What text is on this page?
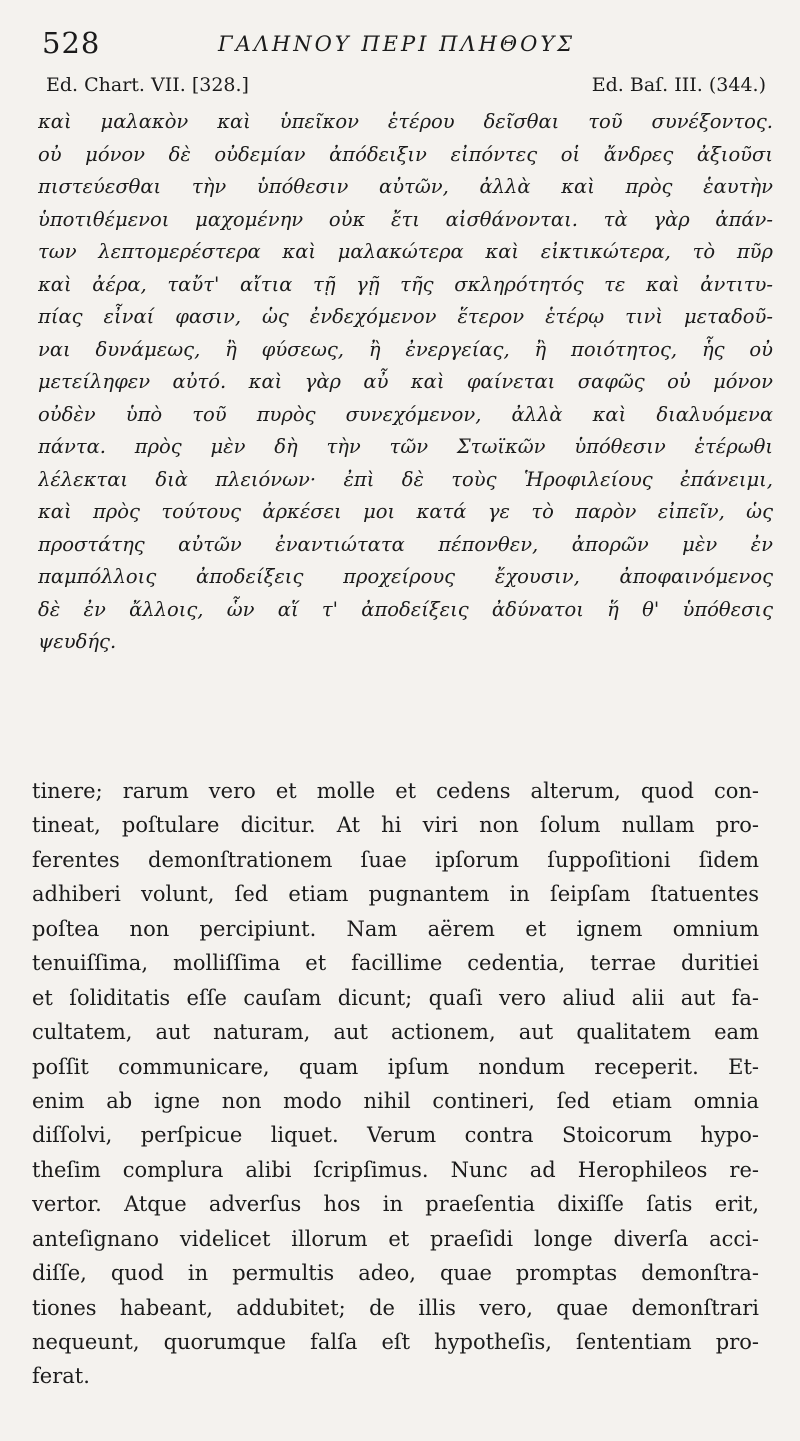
528	ΓΑΛΗΝΟΥ ΠΕΡΙ ΠΛΗΘΟΥΣ
Ed. Chart. VII. [328.]	Ed. Baſ. III. (344.)
καὶ μαλακὸν καὶ ὑπεῖκον ἑτέρου δεῖσθαι τοῦ συνέξοντος.
οὐ μόνον δὲ οὐδεμίαν ἀπόδειξιν εἰπόντες οἱ ἄνδρες ἀξιοῦσι
πιστεύεσθαι τὴν ὑπόθεσιν αὐτῶν, ἀλλὰ καὶ πρὸς ἑαυτὴν
ὑποτιθέμενοι μαχομένην οὐκ ἔτι αἰσθάνονται. τὰ γὰρ ἁπάν-
των λεπτομερέστερα καὶ μαλακώτερα καὶ εἰκτικώτερα, τὸ πῦρ
καὶ ἀέρα, ταὔτ' αἴτια τῇ γῇ τῆς σκληρότητός τε καὶ ἀντιτυ-
πίας εἶναί φασιν, ὡς ἐνδεχόμενον ἕτερον ἑτέρῳ τινὶ μεταδοῦ-
ναι δυνάμεως, ἢ φύσεως, ἢ ἐνεργείας, ἢ ποιότητος, ἧς οὐ
μετείληφεν αὐτό. καὶ γὰρ αὖ καὶ φαίνεται σαφῶς οὐ μόνον
οὐδὲν ὑπὸ τοῦ πυρὸς συνεχόμενον, ἀλλὰ καὶ διαλυόμενα
πάντα. πρὸς μὲν δὴ τὴν τῶν Στωϊκῶν ὑπόθεσιν ἑτέρωθι
λέλεκται διὰ πλειόνων· ἐπὶ δὲ τοὺς Ἡροφιλείους ἐπάνειμι,
καὶ πρὸς τούτους ἀρκέσει μοι κατά γε τὸ παρὸν εἰπεῖν, ὡς
προστάτης αὐτῶν ἐναντιώτατα πέπονθεν, ἀπορῶν μὲν ἐν
παμπόλλοις ἀποδείξεις προχείρους ἔχουσιν, ἀποφαινόμενος
δὲ ἐν ἄλλοις, ὧν αἵ τ' ἀποδείξεις ἀδύνατοι ἥ θ' ὑπόθεσις
ψευδής.
tinere; rarum vero et molle et cedens alterum, quod con-
tineat, poſtulare dicitur. At hi viri non ſolum nullam pro-
ferentes demonſtrationem ſuae ipſorum ſuppoſitioni ſidem
adhiberi volunt, ſed etiam pugnantem in ſeipſam ſtatuentes
poſtea non percipiunt. Nam aërem et ignem omnium
tenuiſſima, molliſſima et facillime cedentia, terrae duritiei
et ſoliditatis eſſe cauſam dicunt; quaſi vero aliud alii aut fa-
cultatem, aut naturam, aut actionem, aut qualitatem eam
poſſit communicare, quam ipſum nondum receperit. Et-
enim ab igne non modo nihil contineri, ſed etiam omnia
diſſolvi, perſpicue liquet. Verum contra Stoicorum hypo-
theſim complura alibi ſcripſimus. Nunc ad Herophileos re-
vertor. Atque adverſus hos in praeſentia dixiſſe ſatis erit,
anteſignano videlicet illorum et praeſidi longe diverſa acci-
diſſe, quod in permultis adeo, quae promptas demonſtra-
tiones habeant, addubitet; de illis vero, quae demonſtrari
nequeunt, quorumque falſa eſt hypotheſis, ſententiam pro-
ferat.
